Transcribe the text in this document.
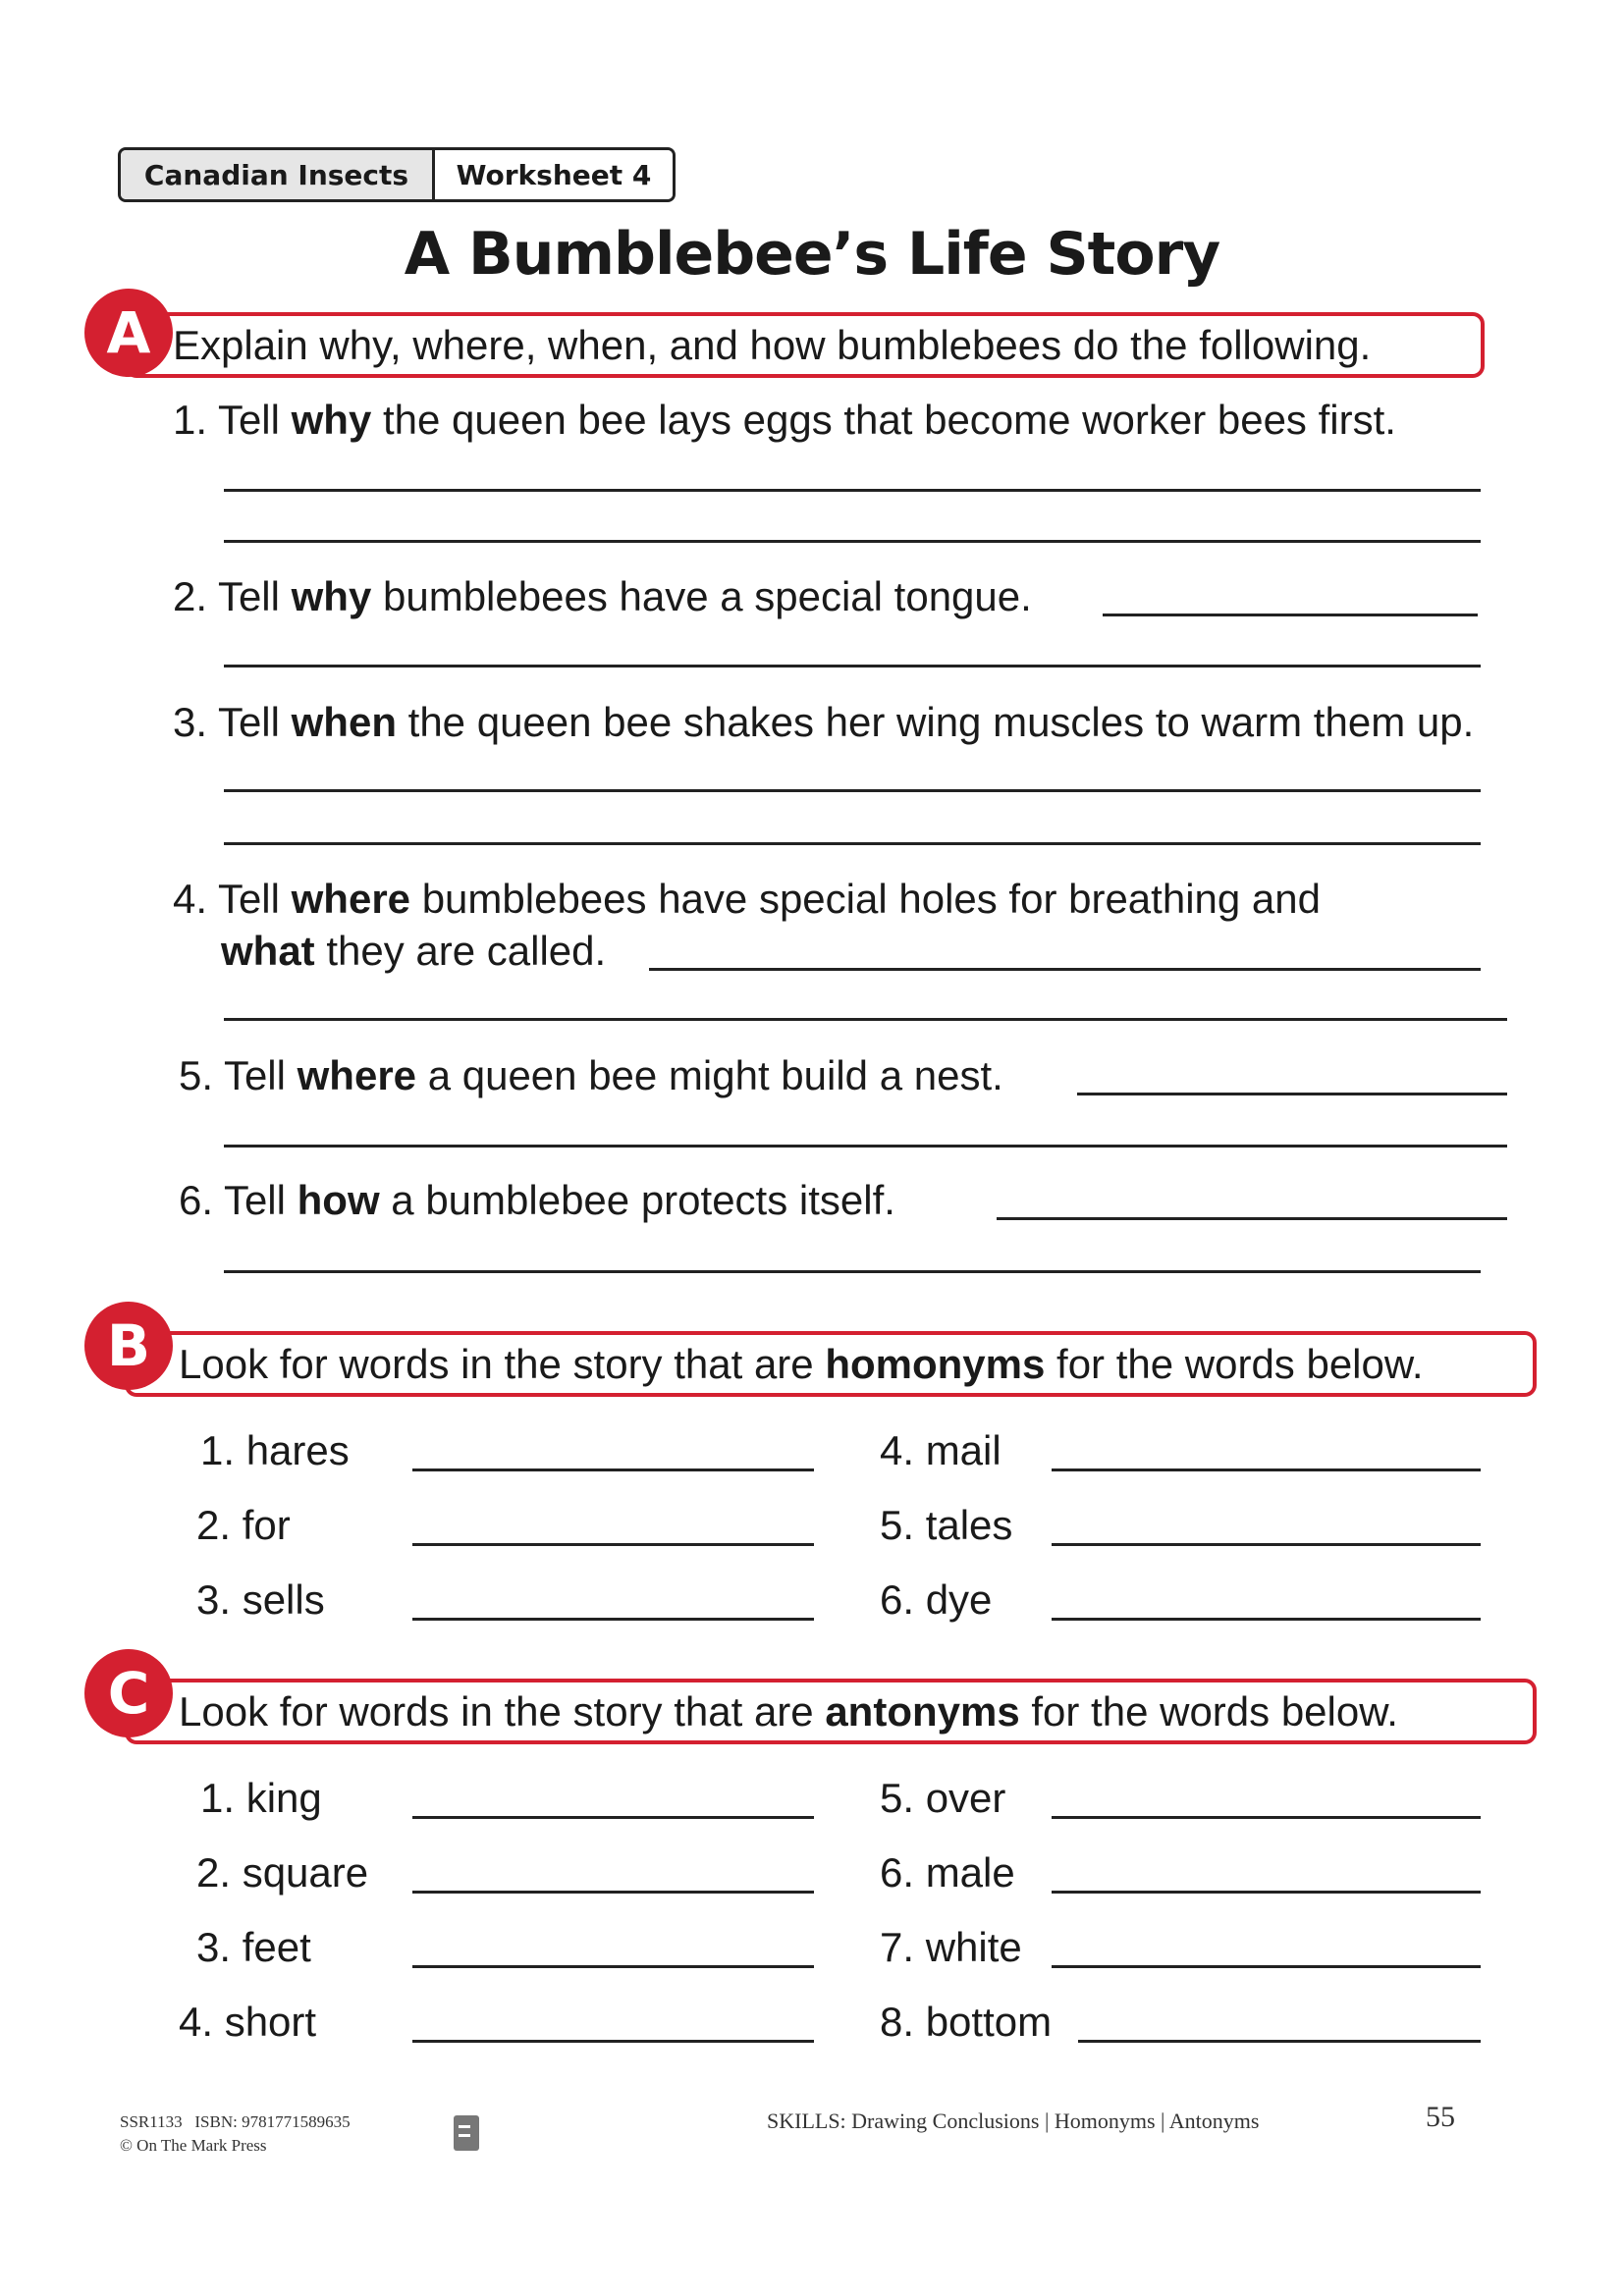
Canadian Insects	Worksheet 4
A Bumblebee’s Life Story
A Explain why, where, when, and how bumblebees do the following.
1. Tell why the queen bee lays eggs that become worker bees first.
2. Tell why bumblebees have a special tongue.
3. Tell when the queen bee shakes her wing muscles to warm them up.
4. Tell where bumblebees have special holes for breathing and
what they are called.
5. Tell where a queen bee might build a nest.
6. Tell how a bumblebee protects itself.
B Look for words in the story that are homonyms for the words below.
1. hares
2. for
3. sells
4. mail
5. tales
6. dye
C Look for words in the story that are antonyms for the words below.
1. king
2. square
3. feet
4. short
5. over
6. male
7. white
8. bottom
SSR1133   ISBN: 9781771589635
© On The Mark Press
SKILLS: Drawing Conclusions | Homonyms | Antonyms	55
